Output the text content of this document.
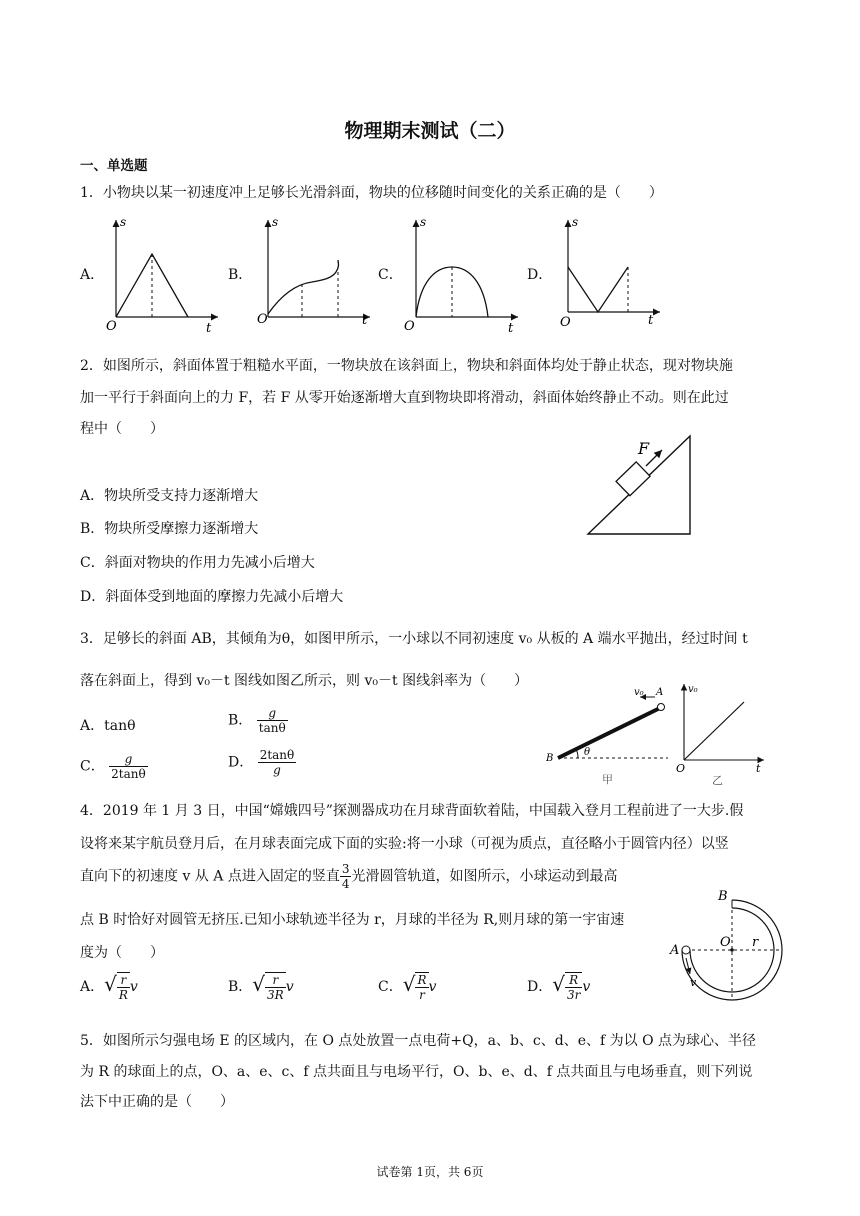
物理期末测试（二）
一、单选题
1．小物块以某一初速度冲上足够长光滑斜面，物块的位移随时间变化的关系正确的是（　　）
A．	B．	C．	D．
s
O	t
s
O	t
s
O	t
s
O	t
2．如图所示，斜面体置于粗糙水平面，一物块放在该斜面上，物块和斜面体均处于静止状态，现对物块施
加一平行于斜面向上的力 F，若 F 从零开始逐渐增大直到物块即将滑动，斜面体始终静止不动。则在此过
程中（　　）
F
A．物块所受支持力逐渐增大
B．物块所受摩擦力逐渐增大
C．斜面对物块的作用力先减小后增大
D．斜面体受到地面的摩擦力先减小后增大
3．足够长的斜面 AB，其倾角为θ，如图甲所示，一小球以不同初速度 v₀ 从板的 A 端水平抛出，经过时间 t
落在斜面上，得到 v₀－t 图线如图乙所示，则 v₀－t 图线斜率为（　　）
A．tanθ	B． $\frac{g}{\tan\theta}$
C． $\frac{g}{2\tan\theta}$	D． $\frac{2\tan\theta}{g}$
v₀ A
B
θ
甲
v₀
O	t
乙
4．2019 年 1 月 3 日，中国“嫦娥四号”探测器成功在月球背面软着陆，中国载入登月工程前进了一大步.假
设将来某宇航员登月后，在月球表面完成下面的实验:将一小球（可视为质点，直径略小于圆管内径）以竖
直向下的初速度 v 从 A 点进入固定的竖直 $\frac{3}{4}$ 光滑圆管轨道，如图所示，小球运动到最高
点 B 时恰好对圆管无挤压.已知小球轨迹半径为 r，月球的半径为 R,则月球的第一宇宙速
度为（　　）
A．√ $\frac{r}{R}$ v	B．√ $\frac{r}{3R}$ v	C．√ $\frac{R}{r}$ v	D．√ $\frac{R}{3r}$ v
B
A
O r
v
5．如图所示匀强电场 E 的区域内，在 O 点处放置一点电荷+Q，a、b、c、d、e、f 为以 O 点为球心、半径
为 R 的球面上的点，O、a、e、c、f 点共面且与电场平行，O、b、e、d、f 点共面且与电场垂直，则下列说
法下中正确的是（　　）
试卷第 1页，共 6页
